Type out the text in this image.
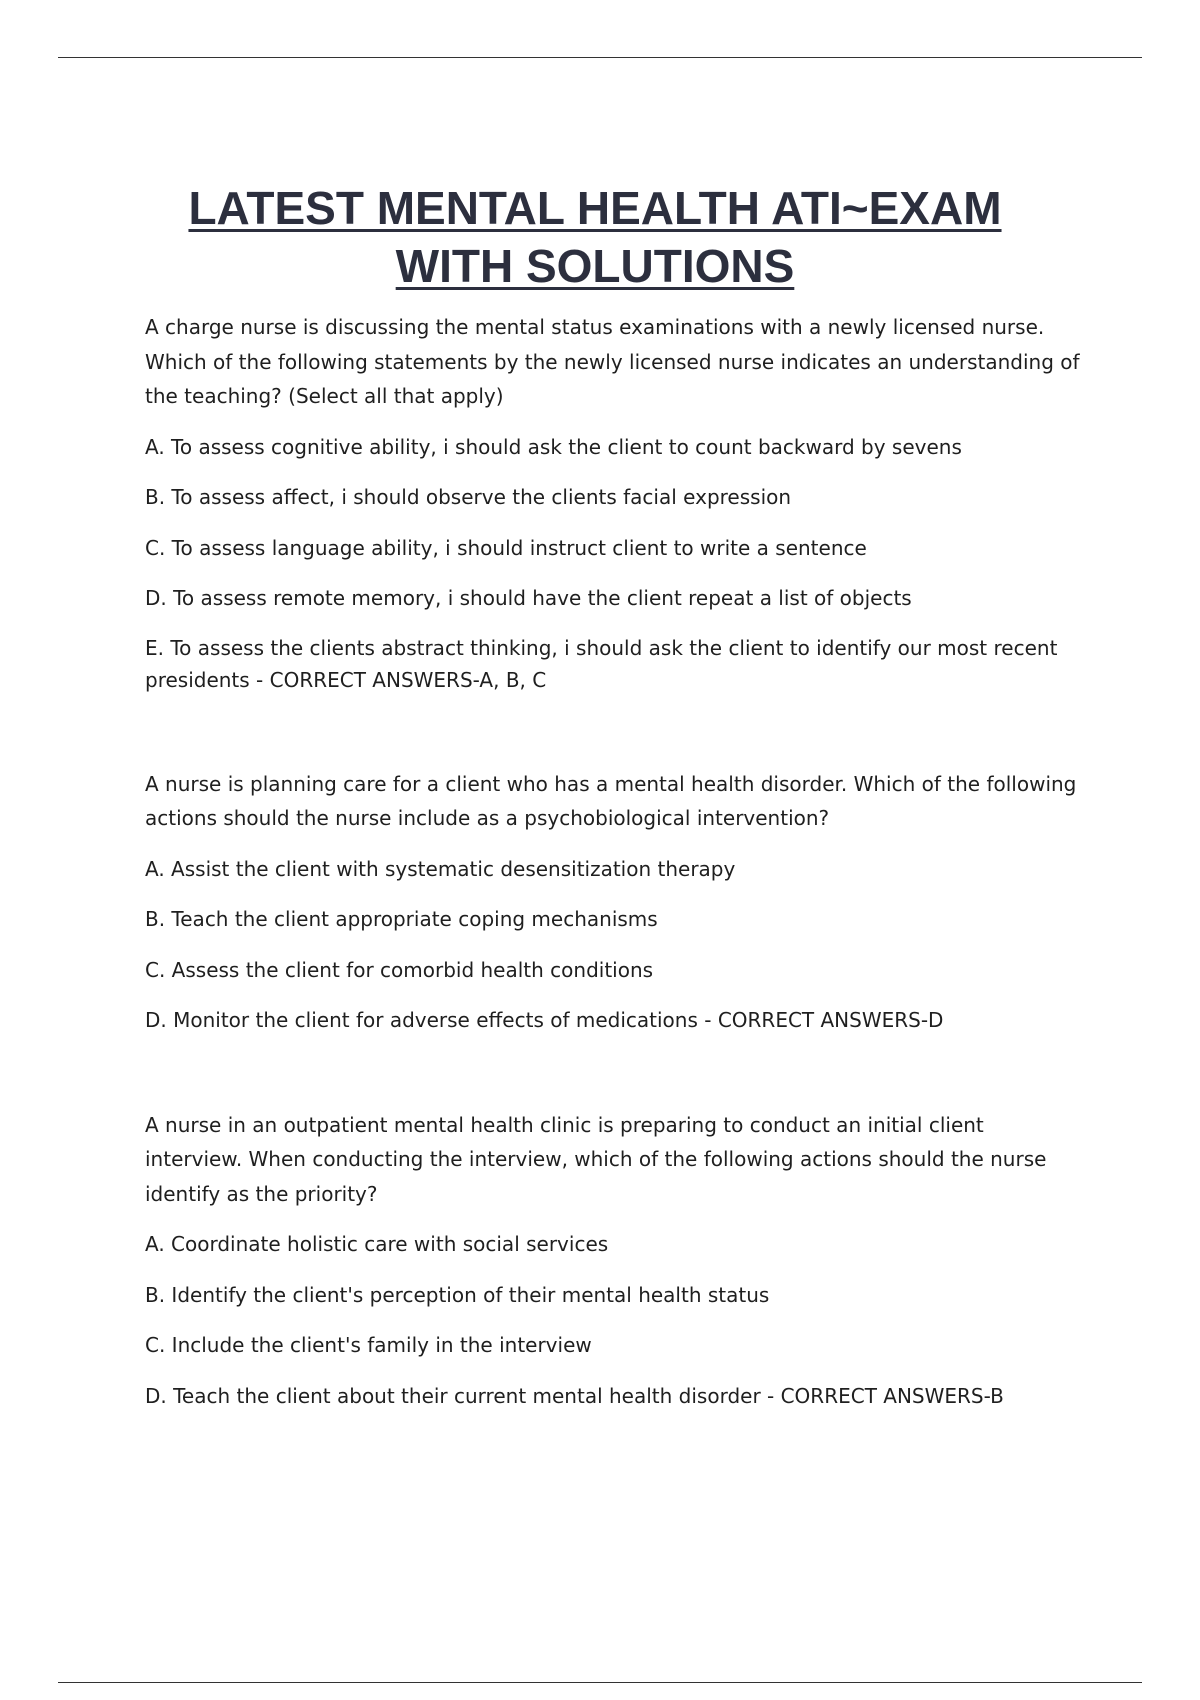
LATEST MENTAL HEALTH ATI~EXAM
WITH SOLUTIONS

A charge nurse is discussing the mental status examinations with a newly licensed nurse. Which of the following statements by the newly licensed nurse indicates an understanding of the teaching? (Select all that apply)

A. To assess cognitive ability, i should ask the client to count backward by sevens

B. To assess affect, i should observe the clients facial expression

C. To assess language ability, i should instruct client to write a sentence

D. To assess remote memory, i should have the client repeat a list of objects

E. To assess the clients abstract thinking, i should ask the client to identify our most recent presidents - CORRECT ANSWERS-A, B, C

A nurse is planning care for a client who has a mental health disorder. Which of the following actions should the nurse include as a psychobiological intervention?

A. Assist the client with systematic desensitization therapy

B. Teach the client appropriate coping mechanisms

C. Assess the client for comorbid health conditions

D. Monitor the client for adverse effects of medications - CORRECT ANSWERS-D

A nurse in an outpatient mental health clinic is preparing to conduct an initial client interview. When conducting the interview, which of the following actions should the nurse identify as the priority?

A. Coordinate holistic care with social services

B. Identify the client's perception of their mental health status

C. Include the client's family in the interview

D. Teach the client about their current mental health disorder - CORRECT ANSWERS-B
